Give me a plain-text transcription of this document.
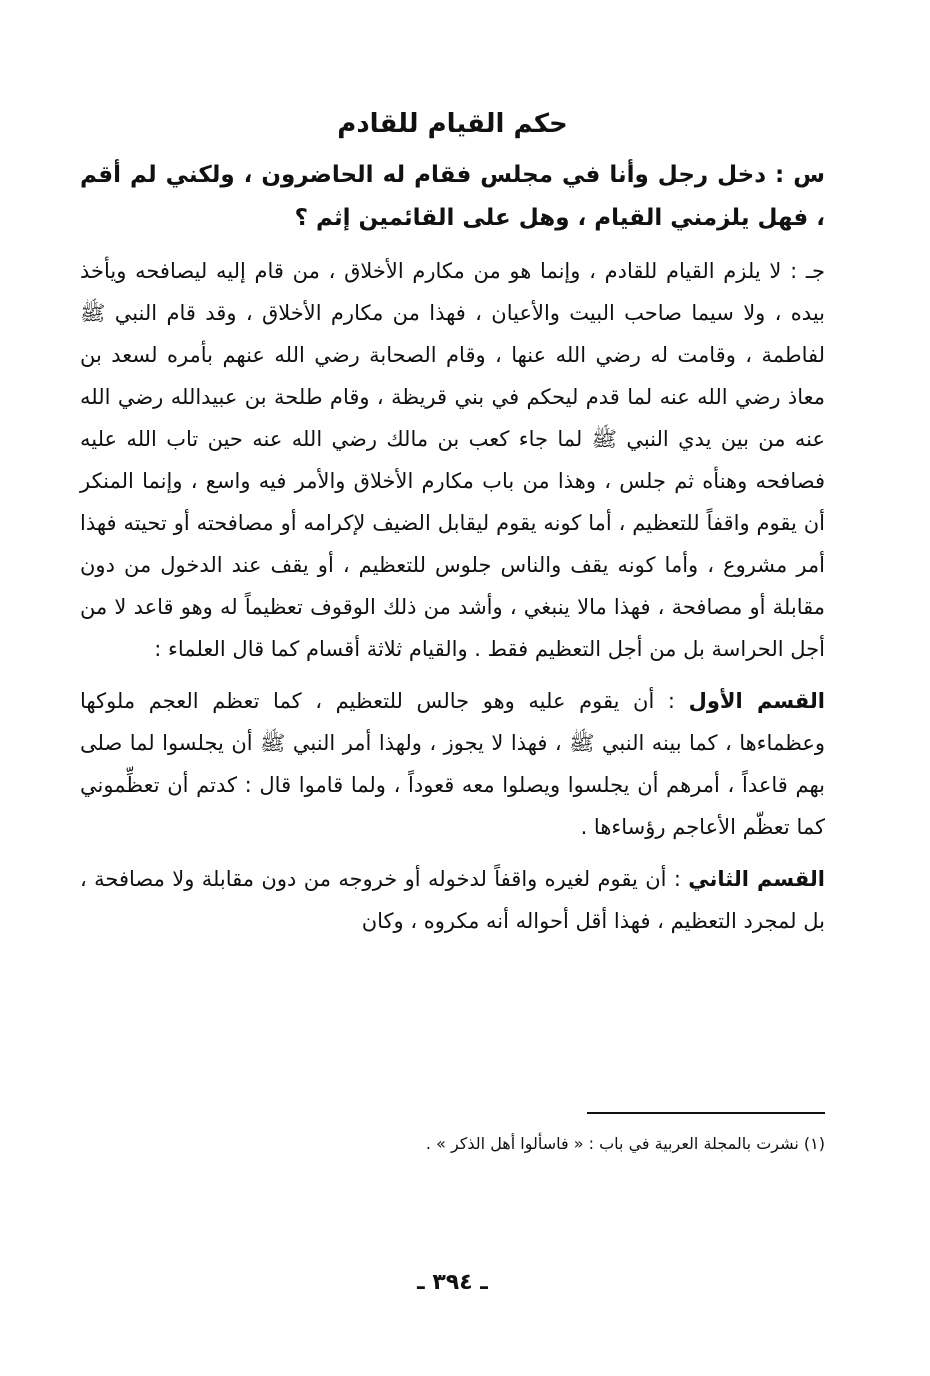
حكم القيام للقادم

س : دخل رجل وأنا في مجلس فقام له الحاضرون ، ولكني لم أقم ، فهل يلزمني القيام ، وهل على القائمين إثم ؟

جـ : لا يلزم القيام للقادم ، وإنما هو من مكارم الأخلاق ، من قام إليه ليصافحه ويأخذ بيده ، ولا سيما صاحب البيت والأعيان ، فهذا من مكارم الأخلاق ، وقد قام النبي ﷺ لفاطمة ، وقامت له رضي الله عنها ، وقام الصحابة رضي الله عنهم بأمره لسعد بن معاذ رضي الله عنه لما قدم ليحكم في بني قريظة ، وقام طلحة بن عبيدالله رضي الله عنه من بين يدي النبي ﷺ لما جاء كعب بن مالك رضي الله عنه حين تاب الله عليه فصافحه وهنأه ثم جلس ، وهذا من باب مكارم الأخلاق والأمر فيه واسع ، وإنما المنكر أن يقوم واقفاً للتعظيم ، أما كونه يقوم ليقابل الضيف لإكرامه أو مصافحته أو تحيته فهذا أمر مشروع ، وأما كونه يقف والناس جلوس للتعظيم ، أو يقف عند الدخول من دون مقابلة أو مصافحة ، فهذا مالا ينبغي ، وأشد من ذلك الوقوف تعظيماً له وهو قاعد لا من أجل الحراسة بل من أجل التعظيم فقط . والقيام ثلاثة أقسام كما قال العلماء :

القسم الأول : أن يقوم عليه وهو جالس للتعظيم ، كما تعظم العجم ملوكها وعظماءها ، كما بينه النبي ﷺ ، فهذا لا يجوز ، ولهذا أمر النبي ﷺ أن يجلسوا لما صلى بهم قاعداً ، أمرهم أن يجلسوا ويصلوا معه قعوداً ، ولما قاموا قال : كدتم أن تعظِّموني كما تعظّم الأعاجم رؤساءها .

القسم الثاني : أن يقوم لغيره واقفاً لدخوله أو خروجه من دون مقابلة ولا مصافحة ، بل لمجرد التعظيم ، فهذا أقل أحواله أنه مكروه ، وكان

(١) نشرت بالمجلة العربية في باب : « فاسألوا أهل الذكر » .
ـ ٣٩٤ ـ
